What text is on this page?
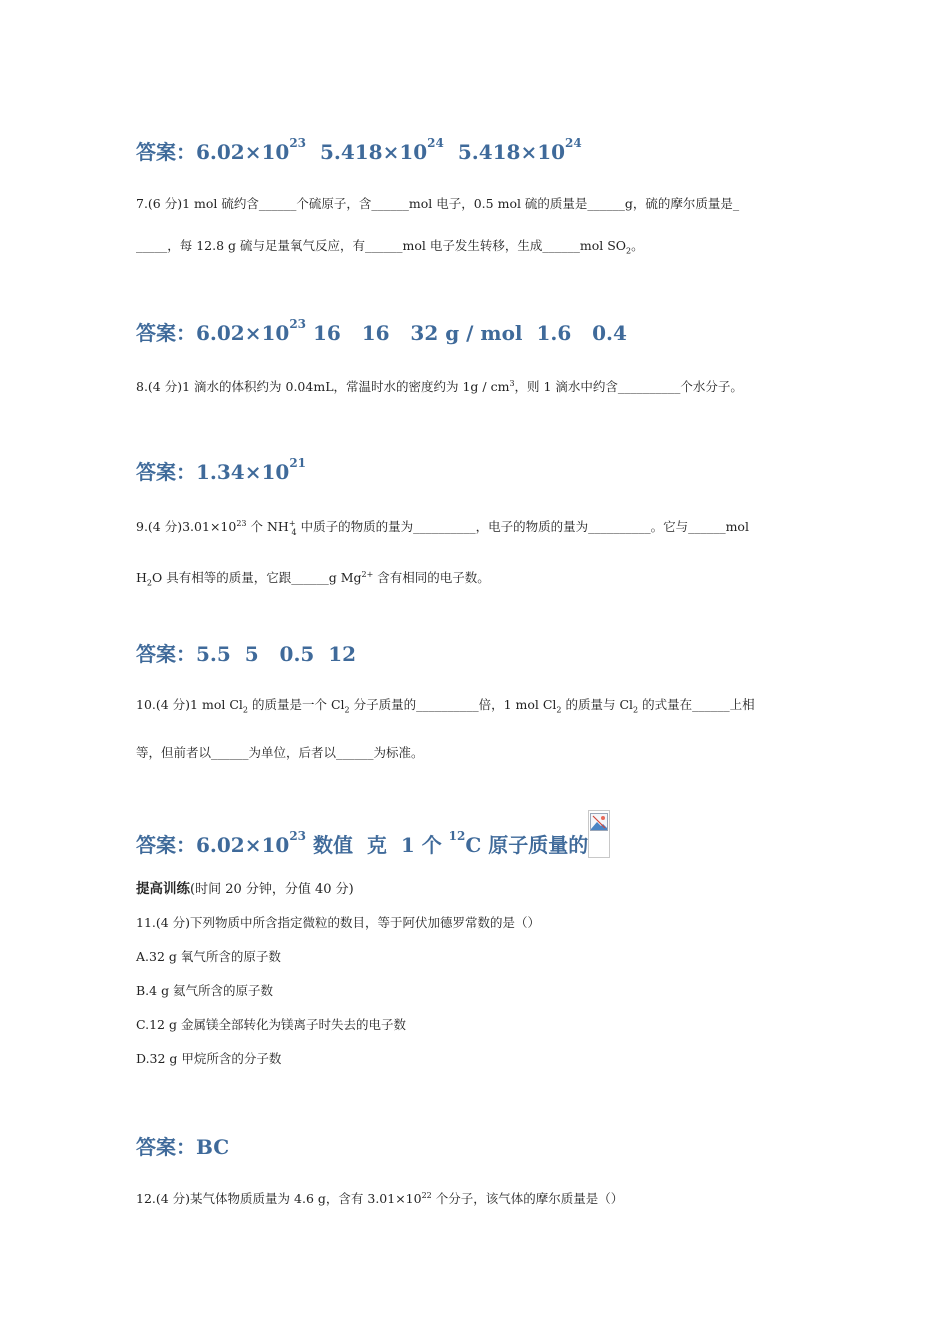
答案：$6.02\times 10^{23}$ $5.418\times 10^{24}$ $5.418\times 10^{24}$
7.(6 分)1 mol 硫约含______个硫原子，含______mol 电子，0.5 mol 硫的质量是______g，硫的摩尔质量是_
_____，每 12.8 g 硫与足量氧气反应，有______mol 电子发生转移，生成______mol $SO_2$。
答案：$6.02\times 10^{23}$ 16   16   32 g / mol  1.6   0.4
8.(4 分)1 滴水的体积约为 0.04mL，常温时水的密度约为 $1g / cm^3$，则 1 滴水中约含__________个水分子。
答案：$1.34\times 10^{21}$
9.(4 分)$3.01\times 10^{23}$ 个 $NH^+_4$ 中质子的物质的量为__________，电子的物质的量为__________。它与______mol
$H_2O$ 具有相等的质量，它跟______g $Mg^{2+}$ 含有相同的电子数。
答案：5.5  5   0.5  12
10.(4 分)1 mol $Cl_2$ 的质量是一个 $Cl_2$ 分子质量的__________倍，1 mol $Cl_2$ 的质量与 $Cl_2$ 的式量在______上相
等，但前者以______为单位，后者以______为标准。
答案：$6.02\times 10^{23}$ 数值  克  1 个 $^{12}$C 原子质量的
提高训练(时间 20 分钟，分值 40 分)
11.(4 分)下列物质中所含指定微粒的数目，等于阿伏加德罗常数的是（）
A.32 g 氧气所含的原子数
B.4 g 氦气所含的原子数
C.12 g 金属镁全部转化为镁离子时失去的电子数
D.32 g 甲烷所含的分子数
答案：BC
12.(4 分)某气体物质质量为 4.6 g，含有 $3.01\times 10^{22}$ 个分子，该气体的摩尔质量是（）
